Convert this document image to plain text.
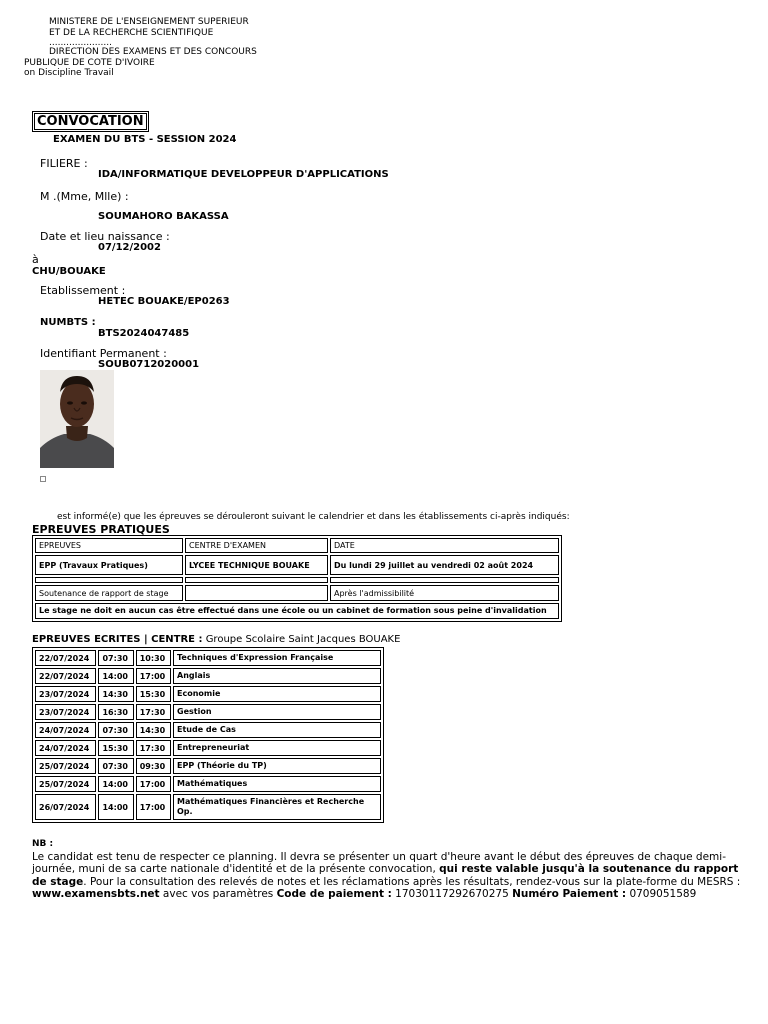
MINISTERE DE L'ENSEIGNEMENT SUPERIEUR
ET DE LA RECHERCHE SCIENTIFIQUE
......................
DIRECTION DES EXAMENS ET DES CONCOURS
PUBLIQUE DE COTE D'IVOIRE
on Discipline Travail
CONVOCATION
EXAMEN DU BTS - SESSION 2024
FILIERE :
IDA/INFORMATIQUE DEVELOPPEUR D'APPLICATIONS
M .(Mme, Mlle) :
SOUMAHORO BAKASSA
Date et lieu naissance :
07/12/2002
à
CHU/BOUAKE
Etablissement :
HETEC BOUAKE/EP0263
NUMBTS :
BTS2024047485
Identifiant Permanent :
SOUB0712020001
est informé(e) que les épreuves se dérouleront suivant le calendrier et dans les établissements ci-après indiqués:
EPREUVES PRATIQUES
EPREUVES	CENTRE D'EXAMEN	DATE
EPP (Travaux Pratiques)	LYCEE TECHNIQUE BOUAKE	Du lundi 29 juillet au vendredi 02 août 2024

Soutenance de rapport de stage		Après l'admissibilité
Le stage ne doit en aucun cas être effectué dans une école ou un cabinet de formation sous peine d'invalidation		
EPREUVES ECRITES | CENTRE : Groupe Scolaire Saint Jacques BOUAKE
22/07/2024	07:30	10:30	Techniques d'Expression Française
22/07/2024	14:00	17:00	Anglais
23/07/2024	14:30	15:30	Economie
23/07/2024	16:30	17:30	Gestion
24/07/2024	07:30	14:30	Etude de Cas
24/07/2024	15:30	17:30	Entrepreneuriat
25/07/2024	07:30	09:30	EPP (Théorie du TP)
25/07/2024	14:00	17:00	Mathématiques
26/07/2024	14:00	17:00	Mathématiques Financières et Recherche Op.
NB :
Le candidat est tenu de respecter ce planning. Il devra se présenter un quart d'heure avant le début des épreuves de chaque demi-journée, muni de sa carte nationale d'identité et de la présente convocation, qui reste valable jusqu'à la soutenance du rapport de stage. Pour la consultation des relevés de notes et les réclamations après les résultats, rendez-vous sur la plate-forme du MESRS : www.examensbts.net avec vos paramètres Code de paiement : 17030117292670275 Numéro Paiement : 0709051589
